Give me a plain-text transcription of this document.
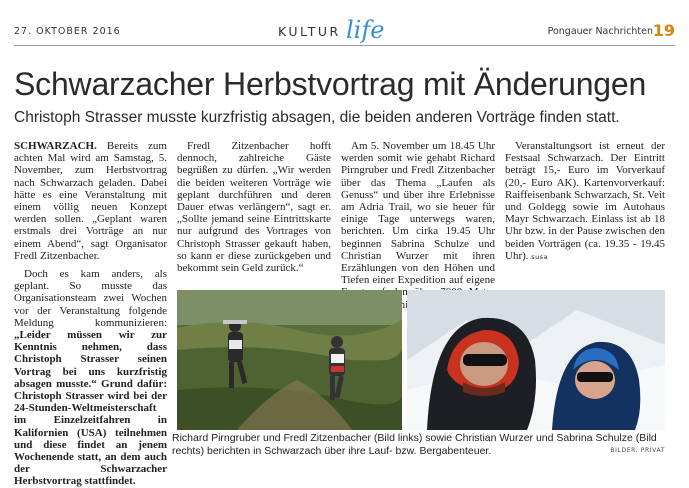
27. OKTOBER 2016	KULTUR life	Pongauer Nachrichten 19
Schwarzacher Herbstvortrag mit Änderungen
Christoph Strasser musste kurzfristig absagen, die beiden anderen Vorträge finden statt.

SCHWARZACH. Bereits zum achten Mal wird am Samstag, 5. November, zum Herbstvortrag nach Schwarzach geladen. Dabei hätte es eine Veranstaltung mit einem völlig neuen Konzept werden sollen. „Geplant waren erstmals drei Vorträge an nur einem Abend“, sagt Organisator Fredl Zitzenbacher.

Doch es kam anders, als geplant. So musste das Organisationsteam zwei Wochen vor der Veranstaltung folgende Meldung kommunizieren: „Leider müssen wir zur Kenntnis nehmen, dass Christoph Strasser seinen Vortrag bei uns kurzfristig absagen musste.“ Grund dafür: Christoph Strasser wird bei der 24-Stunden-Weltmeisterschaft im Einzelzeitfahren in Kalifornien (USA) teilnehmen und diese findet an jenem Wochenende statt, an dem auch der Schwarzacher Herbstvortrag stattfindet.

Fredl Zitzenbacher hofft dennoch, zahlreiche Gäste begrüßen zu dürfen. „Wir werden die beiden weiteren Vorträge wie geplant durchführen und deren Dauer etwas verlängern“, sagt er. „Sollte jemand seine Eintrittskarte nur aufgrund des Vortrages von Christoph Strasser gekauft haben, so kann er diese zurückgeben und bekommt sein Geld zurück.“

Am 5. November um 18.45 Uhr werden somit wie gehabt Richard Pirngruber und Fredl Zitzenbacher über das Thema „Laufen als Genuss“ und über ihre Erlebnisse am Adria Trail, wo sie heuer für einige Tage unterwegs waren, berichten. Um cirka 19.45 Uhr beginnen Sabrina Schulze und Christian Wurzer mit ihren Erzählungen von den Höhen und Tiefen einer Expedition auf eigene

Veranstaltungsort ist erneut der Festsaal Schwarzach. Der Eintritt beträgt 15,- Euro im Vorverkauf (20,- Euro AK). Kartenvorverkauf: Raiffeisenbank Schwarzach, St. Veit und Goldegg sowie im Autohaus Mayr Schwarzach. Einlass ist ab 18 Uhr bzw. in der Pause zwischen den beiden Vorträgen (ca. 19.35 - 19.45 Uhr). susa

Richard Pirngruber und Fredl Zitzenbacher (Bild links) sowie Christian Wurzer und Sabrina Schulze (Bild rechts) berichten in Schwarzach über ihre Lauf- bzw. Bergabenteuer.	BILDER: PRIVAT
